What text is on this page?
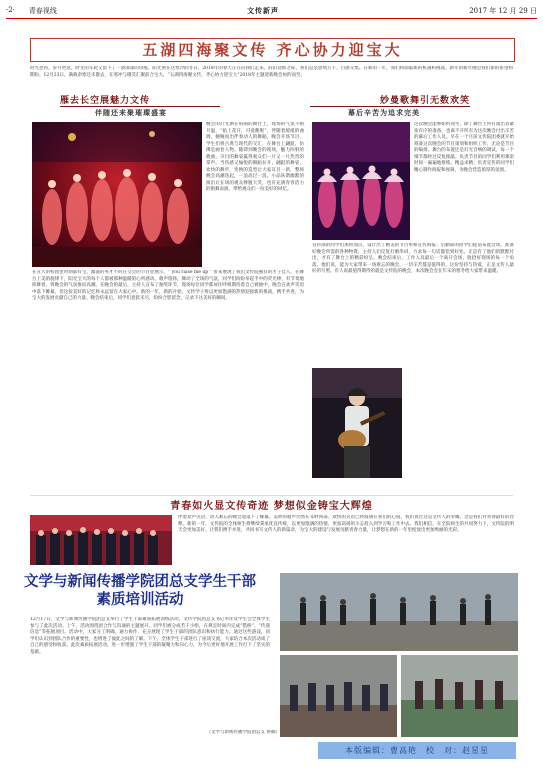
·2· 青春视线	文传新声	2017 年 12 月 29 日
五湖四海聚文传 齐心协力迎宝大
时光荏苒，岁月更迭。时光的车轮又留下了一条深深的印痕。阳光照在这寒冷的冬日，2018年的春天正在向我们走来。辞旧迎新之际，我们总是思绪万千，百感交集。在新的一年，我们将面临新的机遇和挑战。新年的新年晚会我们新的希望和期盼。12月23日，满载余寒还未散去，在寒冲与微笑汇聚前合宝大，“五湖四海聚文传，齐心协力迎宝大”2018年主题迎新晚会如约而至。
雁去长空展魅力文传
伴随还来聚璀璨盛宴
晚会的灯光洒在喧闹的舞台上，现场的气氛不断升温，“掐上花开，可爱鹅呢”，伴随着缓缓的曲调，婉婉而出伴奏动人的舞蹈，晚会开场节目，学生们将古典与现代的交汇，在舞台上翩跹，仿佛是画卷人物。随即到晚会的现场，魅力四射的歌曲，夺目的舞姿赢得观众们一片又一片热烈的掌声。当伤感又愉悦的舞蹈拉开，翩跹的舞姿，欢快的舞步，变换的造型让大家耳目一新，整场晚会高潮迭起，一浪高过一浪。小品诙谐幽默的演出让在场的观众捧腹大笑，也有充满青春活力的街舞表演，带给观众们一份美好的回忆。
在宣大的校园里时刻都有宝，激荡的英才不时在交会的节目里展示，“ you raise me up ” 带来展现了我们文传院独有的才子佳人，在舞台上美的旋律下，阳光宝大的每个人都被那种温暖的心所感动。歌声悠扬，舞动了全场的气氛，同学们纷纷举起手中的荧光棒，有节奏地挥舞着，将晚会的气氛推向高潮。在晚会的最后，主持人宣布了抽奖环节，现场每位同学都屏住呼吸期待着自己被抽中，晚会在欢声笑语中落下帷幕，但这份美好的记忆将永远留在大家心中。新的一年，新的开始，文传学子将以更加饱满的热情迎接新的挑战，携手共进，为宝大的发展贡献自己的力量。晚会结束后，同学们意犹未尽，纷纷合影留念，记录下这美好的瞬间。
妙曼歌舞引无数欢笑
幕后辛苦为追求完美
这次晚会能够如约而至，除了舞台上所有演出者紧张有序的准备，也离不开所有为这次晚会付出辛苦的幕后工作人员。早在一个月前文传院团委就开始筹备这次晚会的节目策划和组织工作，无论是节目的编排、舞台的布置还是灯光音响的调试，每一个细节都经过反复推敲。负责节目的同学们利用课余时间一遍遍地排练，精益求精；负责宣传的同学们精心制作海报和视频，为晚会营造浓厚的氛围。
宣传部的同学们加班加点，设计出了精美的节目单和宣传海报；后勤部的同学们提前布置会场，准备好晚会所需的各种物资；主持人们反复打磨串词，力求每一句话都恰到好处。正是有了他们的默默付出，才有了舞台上的精彩纷呈。晚会结束后，工作人员最后一个离开会场，收拾好现场的每一个角落。他们说，能为大家带来一场难忘的晚会，一切辛苦都是值得的。这份坚持与热爱，正是文传人最好的写照。有人说最值得期待的就是文传院的晚会，本次晚会会在年末的寒冬给大家带来温暖。
青春如火显文传奇迹 梦想似金铸宝大辉煌
伴着欢声笑语，动人难忘的晚会迎落下了帷幕。美妙的歌声仍然在耳畔回荡，欢快的笑语已经溢满在我们的心间。我们说过这是文传人的荣耀，这是我们对青春最好的诠释。新的一年，文传院的全体师生将继续秉承优良传统，以更加饱满的热情、更加昂扬的斗志投入到学习和工作中去。我们相信，在全院师生的共同努力下，文传院的明天会更加美好。让我们携手并进，共同书写文传人的新篇章，为宝大的建设与发展贡献青春力量，让梦想在新的一年里绽放出更加绚丽的光彩。
文学与新闻传播学院团总支学生干部素质培训活动
12月17日，文学与新闻传播学院团总支举行了学生干部素质拓展训练活动。文传学院团总支书记李洋及学生会全体学生参与了此次活动。上午，活动围绕团合作与沟通的主题展开。同学们被分成若干小组，在规定时间内完成“搭桥”、“传递信息”等拓展项目。活动中，大家分工明确，通力协作，充分展现了学生干部的团队意识和执行能力。通过这些游戏，同学们认识到团队合作的重要性，也增进了彼此之间的了解。下午，全体学生干部进行了座谈交流，大家结合本次活动谈了自己的感受和收获。此次素质拓展活动，进一步增强了学生干部的凝聚力和向心力，为今后更好地开展工作打下了坚实的基础。
（文学与新闻传播学院团总支 供稿）
本版编辑：曹高艳　校　对：赵星星
